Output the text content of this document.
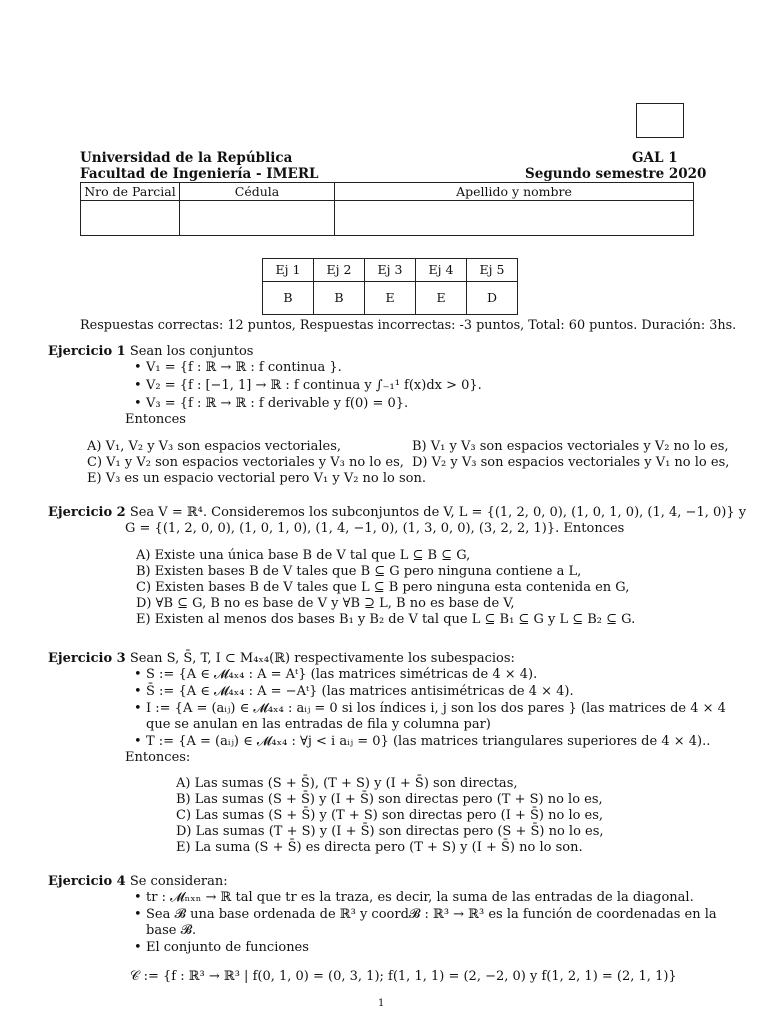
Universidad de la República	GAL 1
Facultad de Ingeniería - IMERL	Segundo semestre 2020
Nro de Parcial	Cédula	Apellido y nombre

Ej 1	Ej 2	Ej 3	Ej 4	Ej 5
B	B	E	E	D
Respuestas correctas: 12 puntos, Respuestas incorrectas: -3 puntos, Total: 60 puntos. Duración: 3hs.
Ejercicio 1 Sean los conjuntos
• V₁ = {f : ℝ → ℝ : f continua }.
• V₂ = {f : [−1, 1] → ℝ : f continua y ∫₋₁¹ f(x)dx > 0}.
• V₃ = {f : ℝ → ℝ : f derivable y f(0) = 0}.
Entonces
A) V₁, V₂ y V₃ son espacios vectoriales,	B) V₁ y V₃ son espacios vectoriales y V₂ no lo es,
C) V₁ y V₂ son espacios vectoriales y V₃ no lo es, D) V₂ y V₃ son espacios vectoriales y V₁ no lo es,
E) V₃ es un espacio vectorial pero V₁ y V₂ no lo son.
Ejercicio 2 Sea V = ℝ⁴. Consideremos los subconjuntos de V, L = {(1, 2, 0, 0), (1, 0, 1, 0), (1, 4, −1, 0)} y
G = {(1, 2, 0, 0), (1, 0, 1, 0), (1, 4, −1, 0), (1, 3, 0, 0), (3, 2, 2, 1)}. Entonces
A) Existe una única base B de V tal que L ⊆ B ⊆ G,
B) Existen bases B de V tales que B ⊆ G pero ninguna contiene a L,
C) Existen bases B de V tales que L ⊆ B pero ninguna esta contenida en G,
D) ∀B ⊆ G, B no es base de V y ∀B ⊇ L, B no es base de V,
E) Existen al menos dos bases B₁ y B₂ de V tal que L ⊆ B₁ ⊆ G y L ⊆ B₂ ⊆ G.
Ejercicio 3 Sean S, S̄, T, I ⊂ M₄ₓ₄(ℝ) respectivamente los subespacios:
• S := {A ∈ 𝓜₄ₓ₄ : A = Aᵗ} (las matrices simétricas de 4 × 4).
• S̄ := {A ∈ 𝓜₄ₓ₄ : A = −Aᵗ} (las matrices antisimétricas de 4 × 4).
• I := {A = (aᵢⱼ) ∈ 𝓜₄ₓ₄ : aᵢⱼ = 0 si los índices i, j son los dos pares } (las matrices de 4 × 4 que se anulan en las entradas de fila y columna par)
• T := {A = (aᵢⱼ) ∈ 𝓜₄ₓ₄ : ∀j < i aᵢⱼ = 0} (las matrices triangulares superiores de 4 × 4)..
Entonces:
A) Las sumas (S + S̄), (T + S) y (I + S̄) son directas,
B) Las sumas (S + S̄) y (I + S̄) son directas pero (T + S) no lo es,
C) Las sumas (S + S̄) y (T + S) son directas pero (I + S̄) no lo es,
D) Las sumas (T + S) y (I + S̄) son directas pero (S + S̄) no lo es,
E) La suma (S + S̄) es directa pero (T + S) y (I + S̄) no lo son.
Ejercicio 4 Se consideran:
• tr : 𝓜ₙₓₙ → ℝ tal que tr es la traza, es decir, la suma de las entradas de la diagonal.
• Sea 𝓑 una base ordenada de ℝ³ y coord𝓑 : ℝ³ → ℝ³ es la función de coordenadas en la base 𝓑.
• El conjunto de funciones
𝒞 := {f : ℝ³ → ℝ³ | f(0, 1, 0) = (0, 3, 1); f(1, 1, 1) = (2, −2, 0) y f(1, 2, 1) = (2, 1, 1)}
1
